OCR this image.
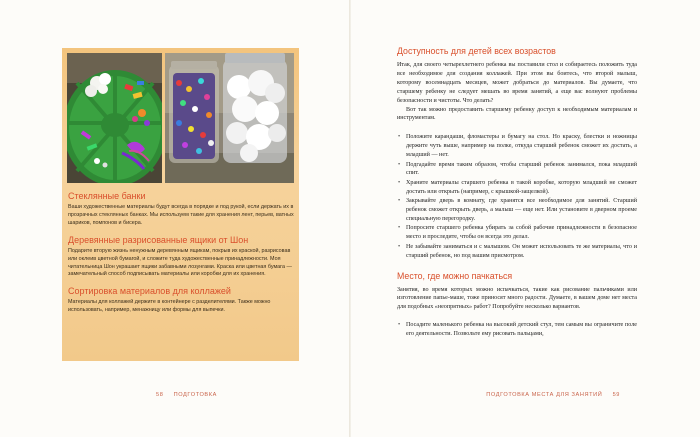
Стеклянные банки
Ваши художественные материалы будут всегда в порядке и под рукой, если держать их в прозрачных стеклянных банках. Мы используем такие для хранения лент, перьев, ватных шариков, помпонов и бисера.
Деревянные разрисованные ящики от Шон
Подарите вторую жизнь ненужным деревянным ящикам, покрыв их краской, разрисовав или оклеив цветной бумагой, и сложите туда художественные принадлежности. Моя читательница Шон украшает ящики забавными лозунгами. Краска или цветная бумага — замечательный способ подписывать материалы или коробки для их хранения.
Сортировка материалов для коллажей
Материалы для коллажей держите в контейнере с разделителями. Также можно использовать, например, менажницу или формы для выпечки.
58 ПОДГОТОВКА
Доступность для детей всех возрастов

Итак, для своего четырехлетнего ребенка вы поставили стол и собираетесь положить туда все необходимое для создания коллажей. При этом вы боитесь, что второй малыш, которому восемнадцать месяцев, может добраться до материалов. Вы думаете, что старшему ребенку не следует мешать во время занятий, а еще вас волнуют проблемы безопасности и чистоты. Что делать?

Вот так можно предоставить старшему ребенку доступ к необходимым материалам и инструментам.

• Положите карандаши, фломастеры и бумагу на стол. Но краску, блестки и ножницы держите чуть выше, например на полке, откуда старший ребенок сможет их достать, а младший — нет.
• Подгадайте время таким образом, чтобы старший ребенок занимался, пока младший спит.
• Храните материалы старшего ребенка в такой коробке, которую младший не сможет достать или открыть (например, с крышкой-защелкой).
• Закрывайте дверь в комнату, где хранятся все необходимое для занятий. Старший ребенок сможет открыть дверь, а малыш — еще нет. Или установите в дверном проеме специальную перегородку.
• Попросите старшего ребенка убирать за собой рабочие принадлежности в безопасное место и проследите, чтобы он всегда это делал.
• Не забывайте заниматься и с малышом. Он может использовать те же материалы, что и старший ребенок, но под вашим присмотром.
Место, где можно пачкаться

Занятия, во время которых можно испачкаться, такие как рисование пальчиками или изготовление папье-маше, тоже приносят много радости. Думаете, в вашем доме нет места для подобных «неопрятных» работ? Попробуйте несколько вариантов.

• Посадите маленького ребенка на высокий детский стул, тем самым вы ограничите поле его деятельности. Позвольте ему рисовать пальцами,
ПОДГОТОВКА МЕСТА ДЛЯ ЗАНЯТИЙ 59
